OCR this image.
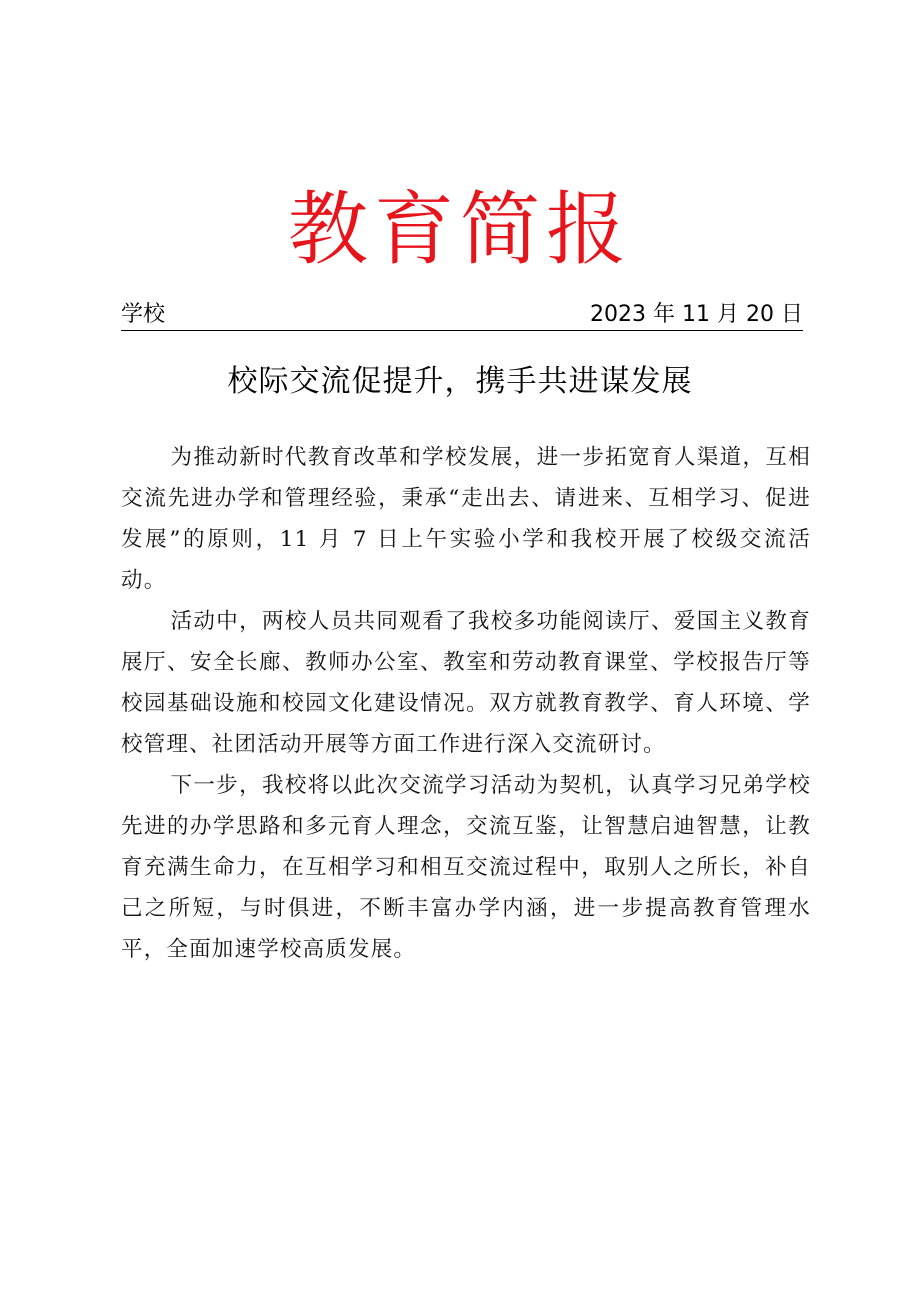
教育简报
学校	2023 年 11 月 20 日
校际交流促提升，携手共进谋发展

为推动新时代教育改革和学校发展，进一步拓宽育人渠道，互相交流先进办学和管理经验，秉承“走出去、请进来、互相学习、促进发展”的原则，11 月 7 日上午实验小学和我校开展了校级交流活动。

活动中，两校人员共同观看了我校多功能阅读厅、爱国主义教育展厅、安全长廊、教师办公室、教室和劳动教育课堂、学校报告厅等校园基础设施和校园文化建设情况。双方就教育教学、育人环境、学校管理、社团活动开展等方面工作进行深入交流研讨。

下一步，我校将以此次交流学习活动为契机，认真学习兄弟学校先进的办学思路和多元育人理念，交流互鉴，让智慧启迪智慧，让教育充满生命力，在互相学习和相互交流过程中，取别人之所长，补自己之所短，与时俱进，不断丰富办学内涵，进一步提高教育管理水平，全面加速学校高质发展。
